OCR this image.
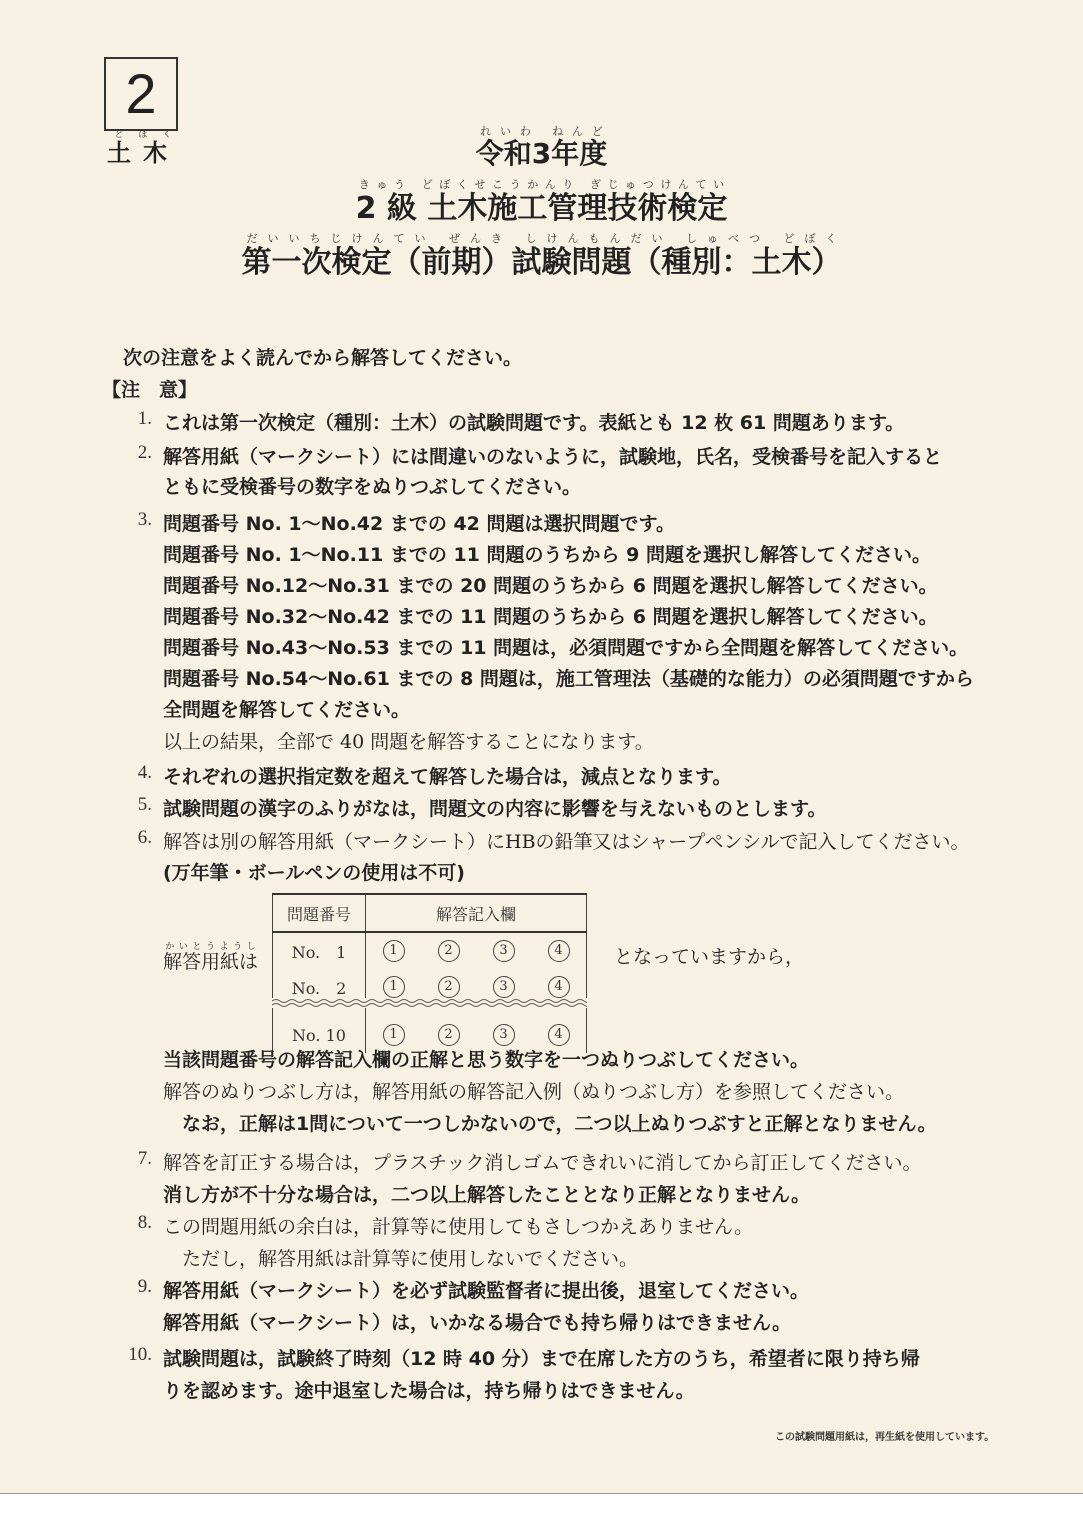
2
土木どぼく
令和3年度れいわ ねんど
2 級 土木施工管理技術検定きゅう どぼくせこうかんり ぎじゅつけんてい
第一次検定（前期）試験問題（種別：土木）だいいちじけんてい ぜんき しけんもんだい しゅべつ どぼく
次の注意をよく読んでから解答してください。
【注　意】
1. これは第一次検定（種別：土木）の試験問題です。表紙とも 12 枚 61 問題あります。
2. 解答用紙（マークシート）には間違いのないように，試験地，氏名，受検番号を記入すると
ともに受検番号の数字をぬりつぶしてください。
3. 問題番号 No. 1～No.42 までの 42 問題は選択問題です。
問題番号 No. 1～No.11 までの 11 問題のうちから 9 問題を選択し解答してください。
問題番号 No.12～No.31 までの 20 問題のうちから 6 問題を選択し解答してください。
問題番号 No.32～No.42 までの 11 問題のうちから 6 問題を選択し解答してください。
問題番号 No.43～No.53 までの 11 問題は，必須問題ですから全問題を解答してください。
問題番号 No.54～No.61 までの 8 問題は，施工管理法（基礎的な能力）の必須問題ですから
全問題を解答してください。
以上の結果，全部で 40 問題を解答することになります。
4. それぞれの選択指定数を超えて解答した場合は，減点となります。
5. 試験問題の漢字のふりがなは，問題文の内容に影響を与えないものとします。
6. 解答は別の解答用紙（マークシート）にHBの鉛筆又はシャープペンシルで記入してください。
(万年筆・ボールペンの使用は不可)
解答用紙はかいとうようし
問題番号	解答記入欄
No.　1	1 2 3 4

No.　2	1 2 3 4

No. 10	1 2 3 4
となっていますから，
当該問題番号の解答記入欄の正解と思う数字を一つぬりつぶしてください。
解答のぬりつぶし方は，解答用紙の解答記入例（ぬりつぶし方）を参照してください。
なお，正解は1問について一つしかないので，二つ以上ぬりつぶすと正解となりません。
7. 解答を訂正する場合は，プラスチック消しゴムできれいに消してから訂正してください。
消し方が不十分な場合は，二つ以上解答したこととなり正解となりません。
8. この問題用紙の余白は，計算等に使用してもさしつかえありません。
ただし，解答用紙は計算等に使用しないでください。
9. 解答用紙（マークシート）を必ず試験監督者に提出後，退室してください。
解答用紙（マークシート）は，いかなる場合でも持ち帰りはできません。
10. 試験問題は，試験終了時刻（12 時 40 分）まで在席した方のうち，希望者に限り持ち帰
りを認めます。途中退室した場合は，持ち帰りはできません。
この試験問題用紙は，再生紙を使用しています。
